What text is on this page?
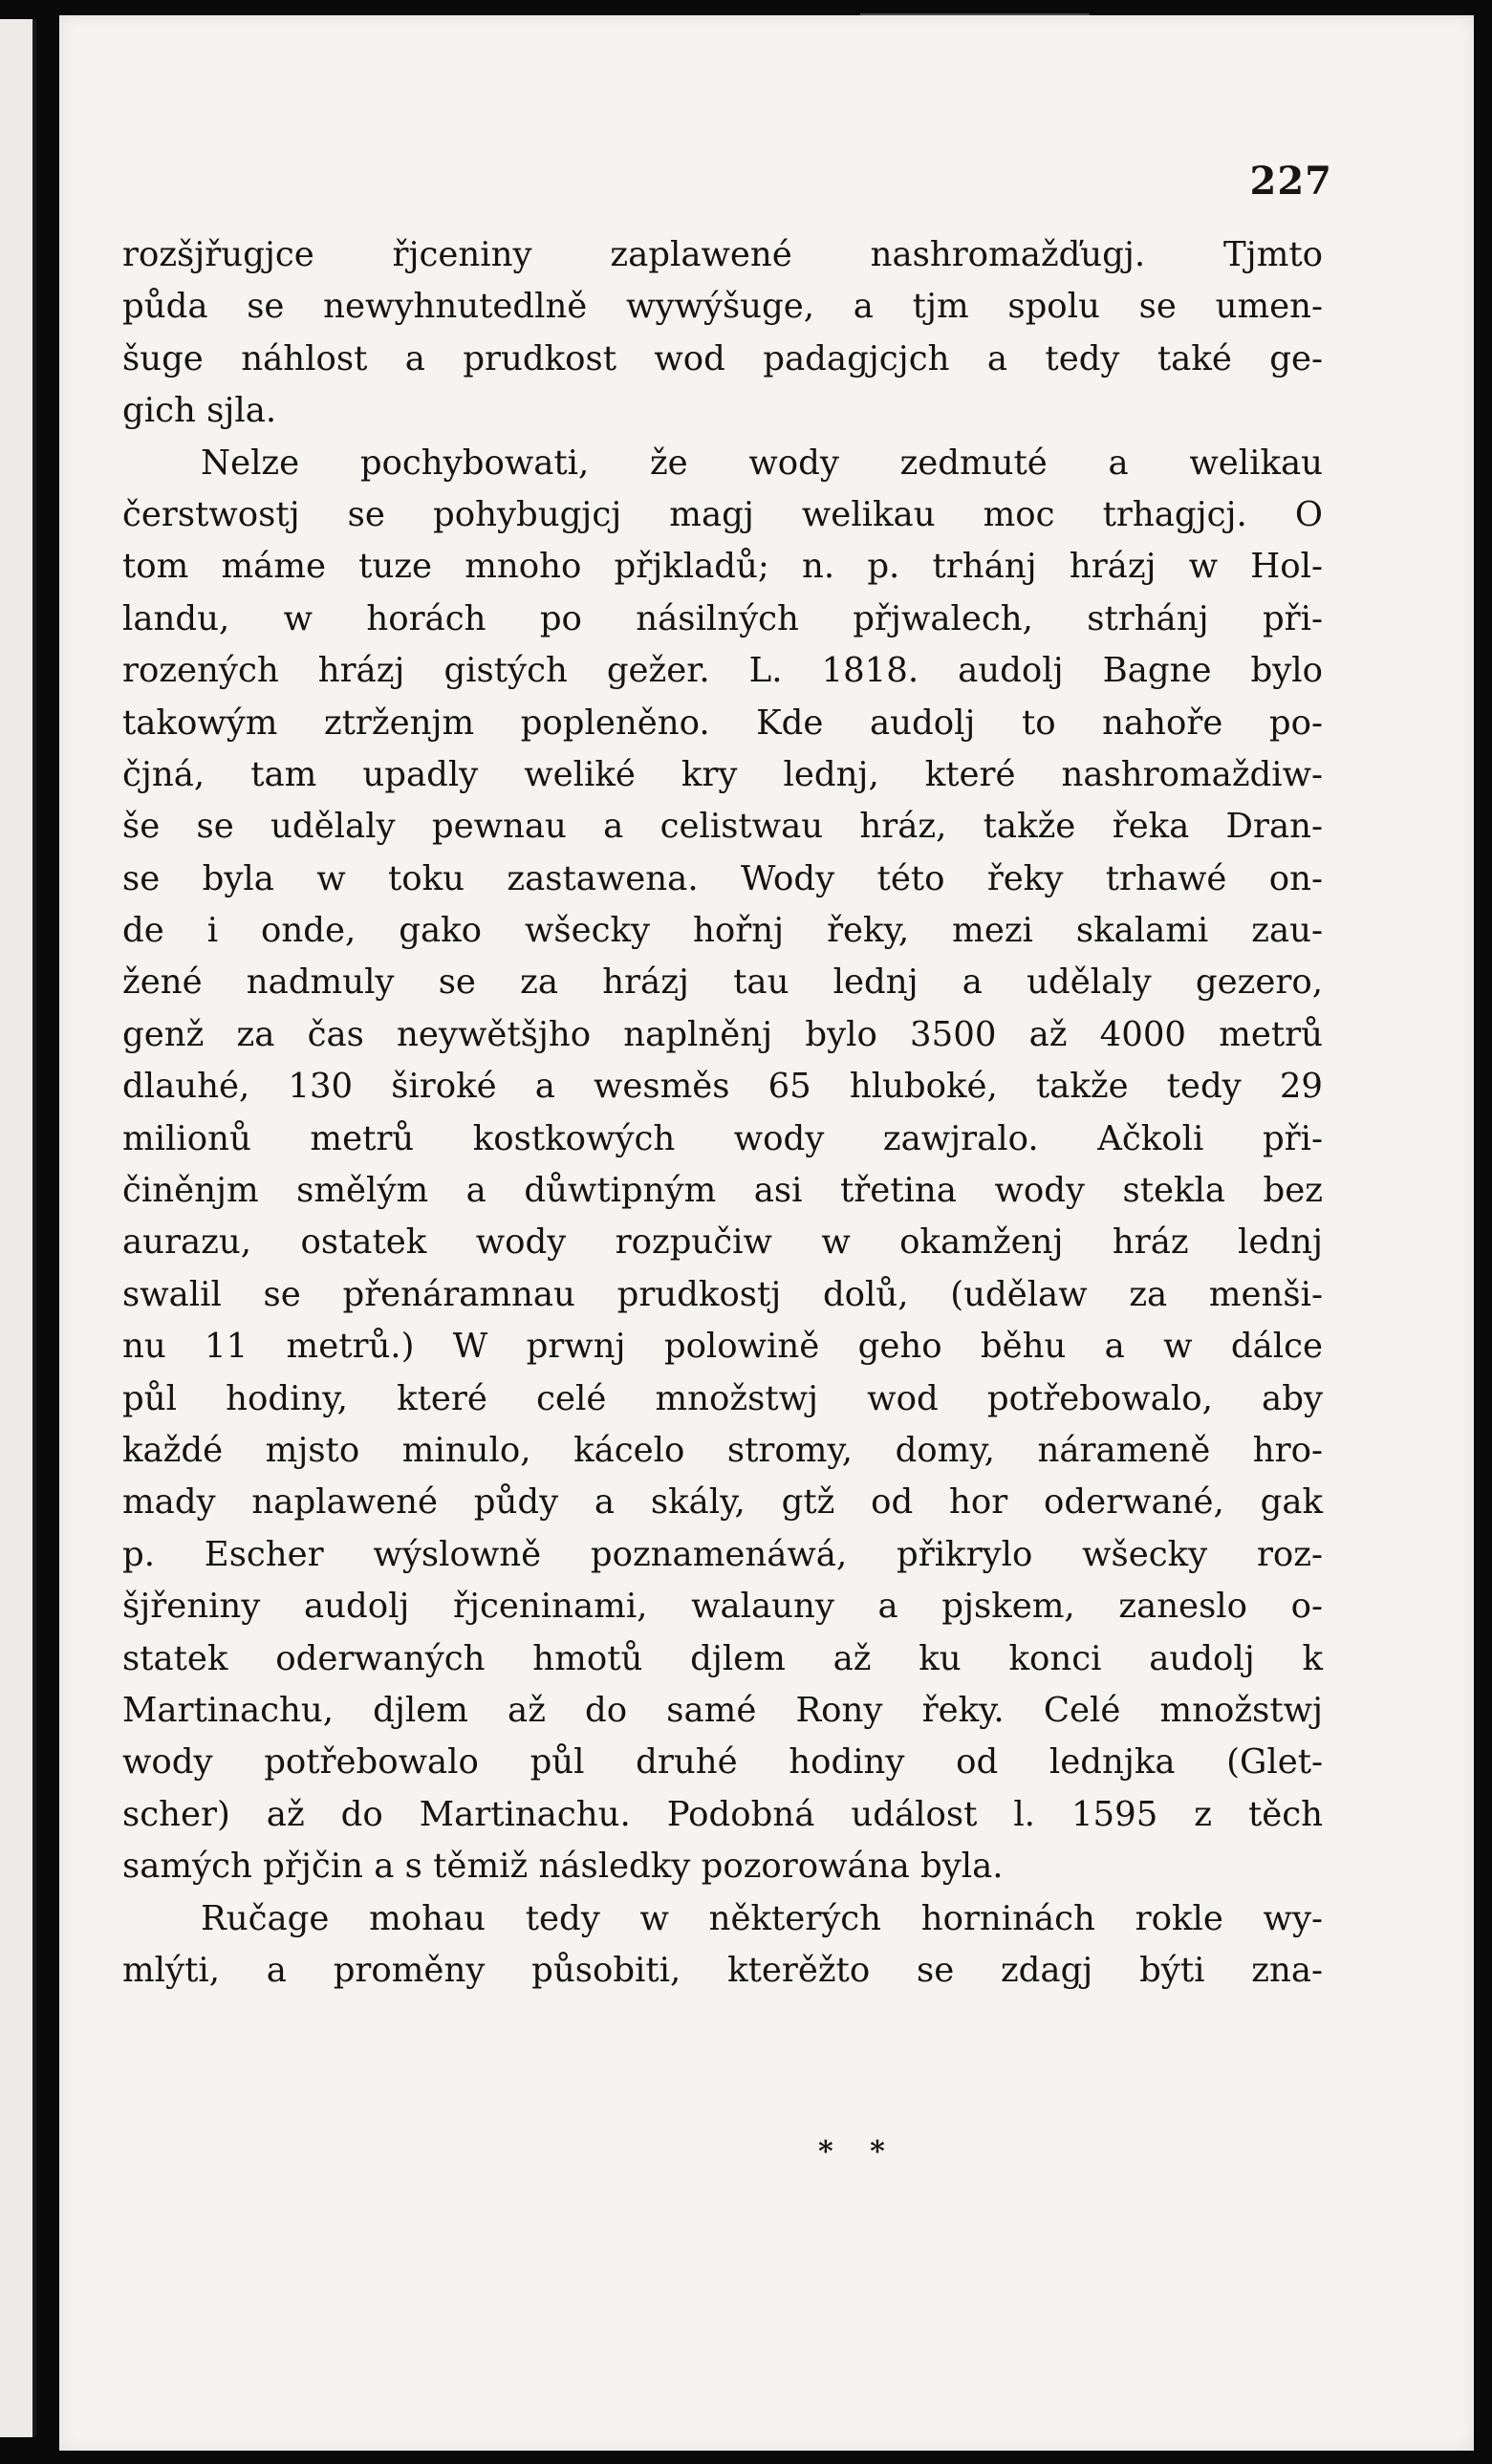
227
rozšjřugjce řjceniny zaplawené nashromažďugj. Tjmto
půda se newyhnutedlně wywýšuge, a tjm spolu se umen-
šuge náhlost a prudkost wod padagjcjch a tedy také ge-
gich sjla.
Nelze pochybowati, že wody zedmuté a welikau
čerstwostj se pohybugjcj magj welikau moc trhagjcj. O
tom máme tuze mnoho přjkladů; n. p. trhánj hrázj w Hol-
landu, w horách po násilných přjwalech, strhánj při-
rozených hrázj gistých gežer. L. 1818. audolj Bagne bylo
takowým ztrženjm popleněno. Kde audolj to nahoře po-
čjná, tam upadly weliké kry lednj, které nashromaždiw-
še se udělaly pewnau a celistwau hráz, takže řeka Dran-
se byla w toku zastawena. Wody této řeky trhawé on-
de i onde, gako wšecky hořnj řeky, mezi skalami zau-
žené nadmuly se za hrázj tau lednj a udělaly gezero,
genž za čas neywětšjho naplněnj bylo 3500 až 4000 metrů
dlauhé, 130 široké a wesměs 65 hluboké, takže tedy 29
milionů metrů kostkowých wody zawjralo. Ačkoli při-
činěnjm smělým a důwtipným asi třetina wody stekla bez
aurazu, ostatek wody rozpučiw w okamženj hráz lednj
swalil se přenáramnau prudkostj dolů, (udělaw za menši-
nu 11 metrů.) W prwnj polowině geho běhu a w dálce
půl hodiny, které celé množstwj wod potřebowalo, aby
každé mjsto minulo, kácelo stromy, domy, nárameně hro-
mady naplawené půdy a skály, gtž od hor oderwané, gak
p. Escher wýslowně poznamenáwá, přikrylo wšecky roz-
šjřeniny audolj řjceninami, walauny a pjskem, zaneslo o-
statek oderwaných hmotů djlem až ku konci audolj k
Martinachu, djlem až do samé Rony řeky. Celé množstwj
wody potřebowalo půl druhé hodiny od lednjka (Glet-
scher) až do Martinachu. Podobná událost l. 1595 z těch
samých přjčin a s těmiž následky pozorowána byla.
Ručage mohau tedy w některých horninách rokle wy-
mlýti, a proměny působiti, kterěžto se zdagj býti zna-
* *
